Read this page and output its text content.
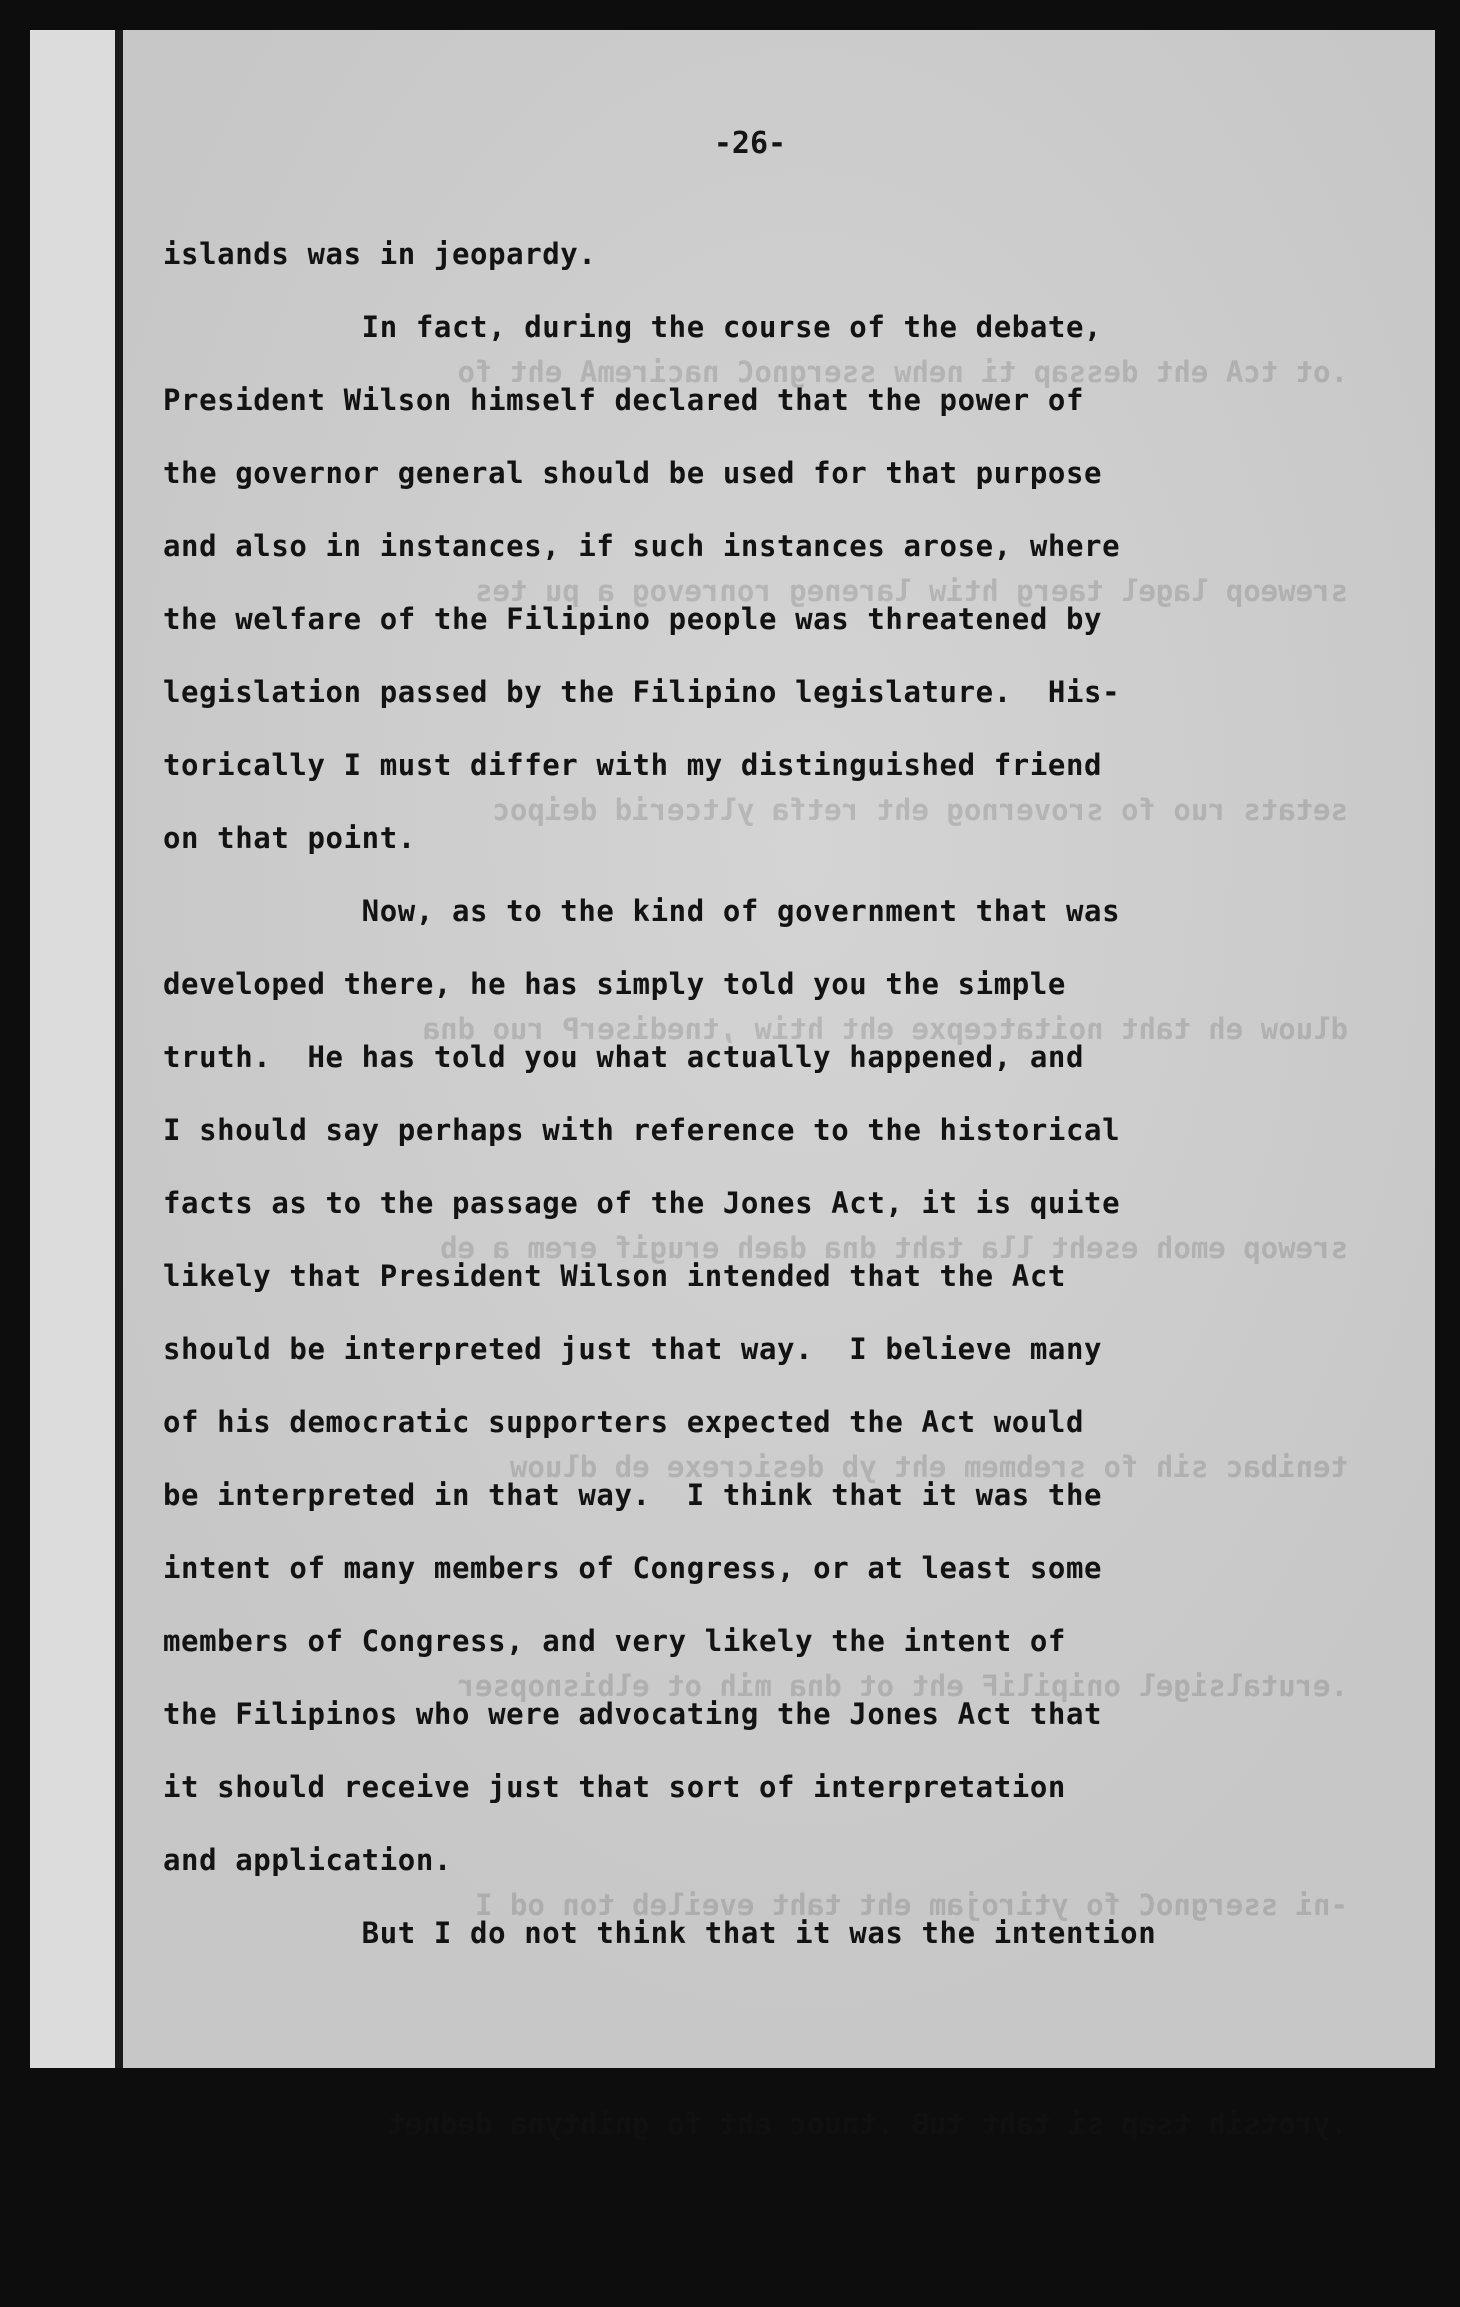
.ot tcA eht dessap ti nehw ssergnoC naciremA eht fo

sreweop lagel taerg htiw lareneg ronrevog a pu tes

setats ruo fo srovernog eht retfa yltcerid deipoc

dluow eh taht noitatcepxe eht htiw ,tnediserP ruo dna

srewop emoh eseht lla taht dna daeh erugif erem a eb

tenibac sih fo srebmem eht yb desicrexe eb dluow

.erutalsigel onipiliF eht ot dna mih ot elbisnopser

-ni ssergnoC fo ytirojam eht taht eveileb ton od I

.yrotsih tsap si taht tuB .tnuoc eht fo gnihtyna dednet

-26-
islands was in jeopardy.
In fact, during the course of the debate,
President Wilson himself declared that the power of
the governor general should be used for that purpose
and also in instances, if such instances arose, where
the welfare of the Filipino people was threatened by
legislation passed by the Filipino legislature.  His-
torically I must differ with my distinguished friend
on that point.
Now, as to the kind of government that was
developed there, he has simply told you the simple
truth.  He has told you what actually happened, and
I should say perhaps with reference to the historical
facts as to the passage of the Jones Act, it is quite
likely that President Wilson intended that the Act
should be interpreted just that way.  I believe many
of his democratic supporters expected the Act would
be interpreted in that way.  I think that it was the
intent of many members of Congress, or at least some
members of Congress, and very likely the intent of
the Filipinos who were advocating the Jones Act that
it should receive just that sort of interpretation
and application.
But I do not think that it was the intention
